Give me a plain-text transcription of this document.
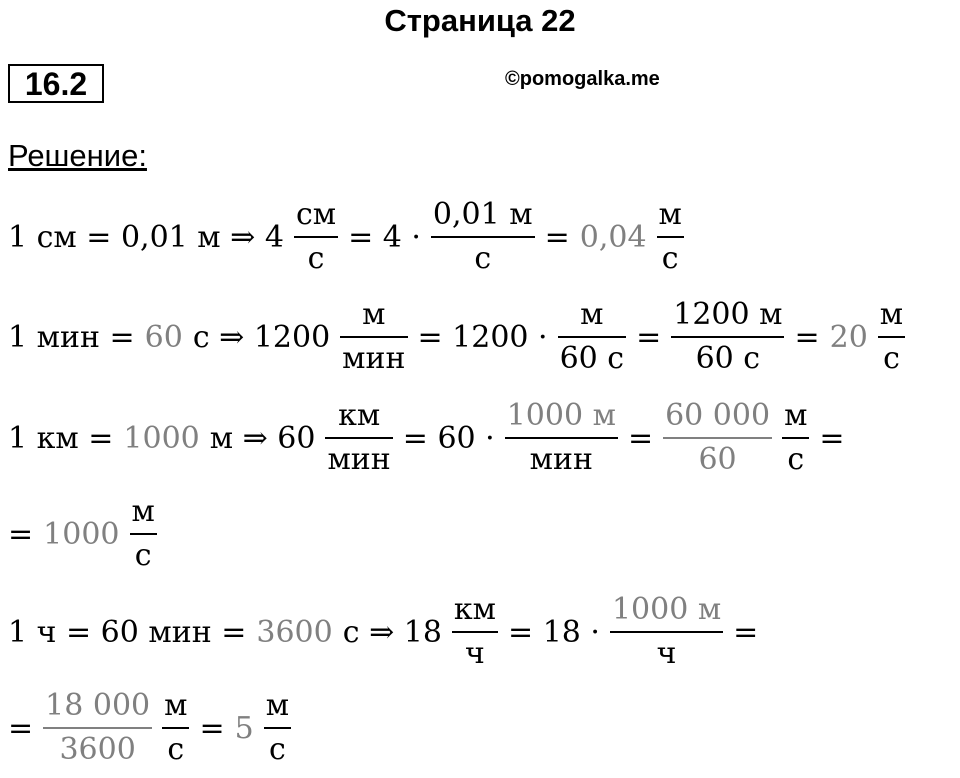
Страница 22
16.2	©pomogalka.me
Решение:
1 см = 0,01 м ⇒ $4 \frac{см}{с} = 4 \cdot \frac{0,01 м}{с} = 0,04 \frac{м}{с}$
1 мин = 60 с ⇒ $1200 \frac{м}{\text{мин}} = 1200 \cdot \frac{м}{60 с} = \frac{1200 м}{60 с} = 20 \frac{м}{с}$
1 км = 1000 м ⇒ $60 \frac{км}{\text{мин}} = 60 \cdot \frac{1000 м}{\text{мин}} = \frac{60 000}{60} \frac{м}{с}$ =
= $1000 \frac{м}{с}$
1 ч = 60 мин = 3600 с ⇒ $18 \frac{км}{ч} = 18 \cdot \frac{1000 м}{ч}$ =
= $\frac{18 000}{3600} \frac{м}{с} = 5 \frac{м}{с}$
